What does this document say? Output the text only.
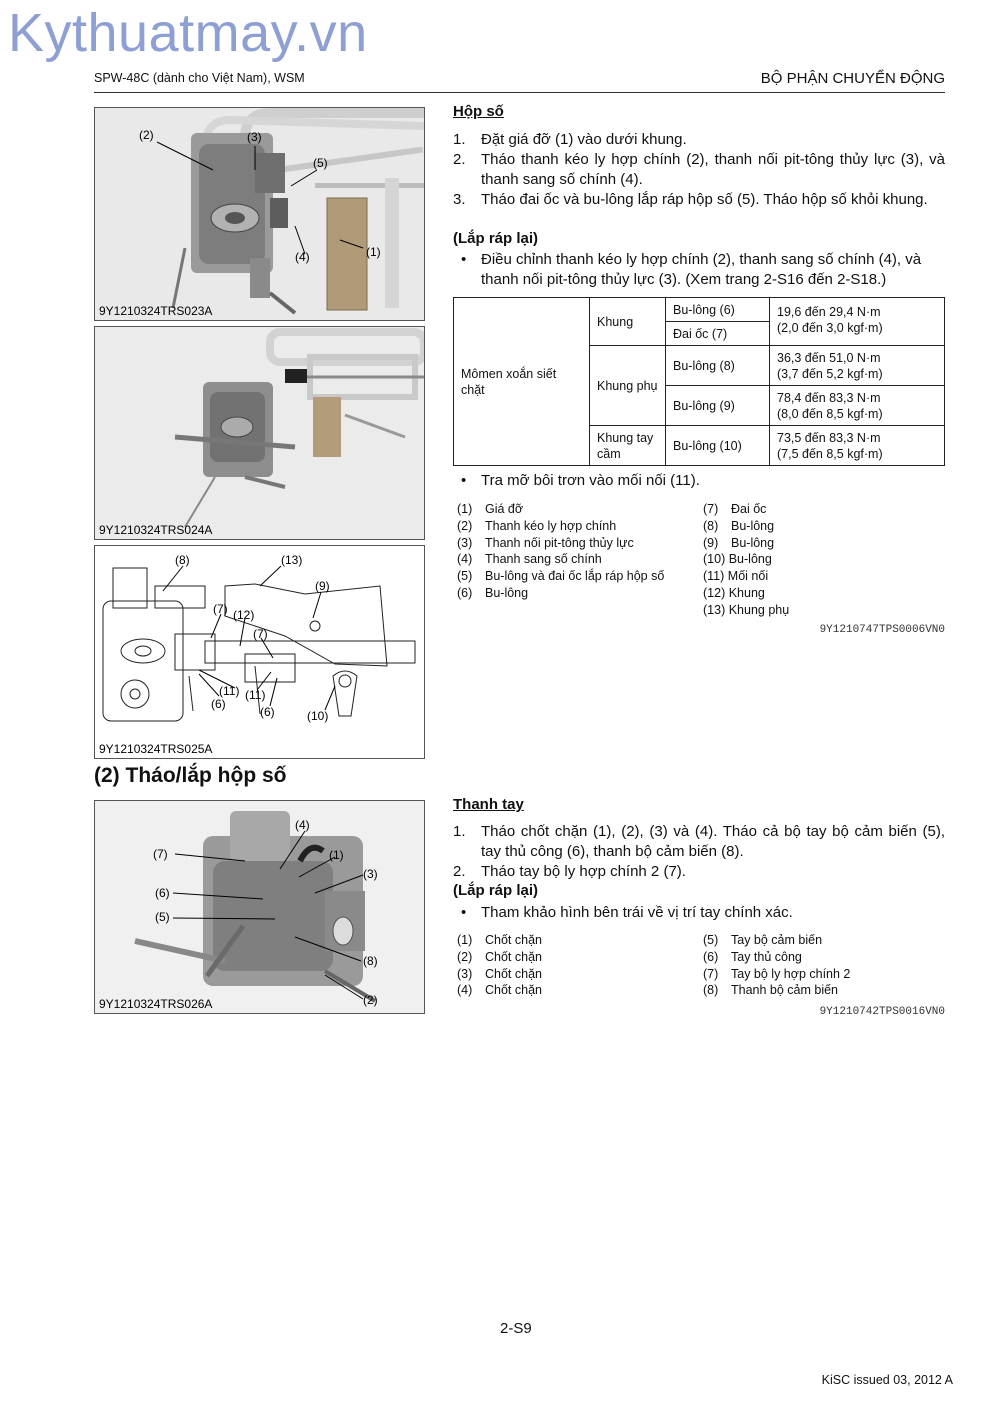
Kythuatmay.vn
SPW-48C (dành cho Việt Nam), WSM	BỘ PHẬN CHUYỂN ĐỘNG
(2)	(3)
(5)
(4)	(1)
9Y1210324TRS023A
9Y1210324TRS024A
(8)	(13)
(9)
(7) (12)
(7)
(11)
(6)
(11)
(6)	(10)
9Y1210324TRS025A
Hộp số
1.	Đặt giá đỡ (1) vào dưới khung.
2.	Tháo thanh kéo ly hợp chính (2), thanh nối pit-tông thủy lực (3), và thanh sang số chính (4).
3.	Tháo đai ốc và bu-lông lắp ráp hộp số (5). Tháo hộp số khỏi khung.
(Lắp ráp lại)
• Điều chỉnh thanh kéo ly hợp chính (2), thanh sang số chính (4), và thanh nối pit-tông thủy lực (3). (Xem trang 2-S16 đến 2-S18.)
Mômen xoắn siết chặt	Khung	Bu-lông (6)	19,6 đến 29,4 N·m
(2,0 đến 3,0 kgf·m)

		Đai ốc (7)	
	Khung phụ	Bu-lông (8)	36,3 đến 51,0 N·m
(3,7 đến 5,2 kgf·m)

		Bu-lông (9)	78,4 đến 83,3 N·m
(8,0 đến 8,5 kgf·m)

	Khung tay cầm	Bu-lông (10)	73,5 đến 83,3 N·m
(7,5 đến 8,5 kgf·m)
• Tra mỡ bôi trơn vào mối nối (11).
(1)	Giá đỡ
(2)	Thanh kéo ly hợp chính
(3)	Thanh nối pit-tông thủy lực
(4)	Thanh sang số chính
(5)	Bu-lông và đai ốc lắp ráp hộp số
(6)	Bu-lông
(7)	Đai ốc
(8)	Bu-lông
(9)	Bu-lông
(10)
Bu-lông
(11)
Mối nối
(12)
Khung
(13)
Khung phụ
9Y1210747TPS0006VN0
(2) Tháo/lắp hộp số
(4)
(7)	(1)
(3)
(6)
(5)
(8)
(2)
9Y1210324TRS026A
Thanh tay
1.	Tháo chốt chặn (1), (2), (3) và (4). Tháo cả bộ tay bộ cảm biến (5), tay thủ công (6), thanh bộ cảm biến (8).
2.	Tháo tay bộ ly hợp chính 2 (7).
(Lắp ráp lại)
• Tham khảo hình bên trái về vị trí tay chính xác.
(1)	Chốt chặn
(2)	Chốt chặn
(3)	Chốt chặn
(4)	Chốt chặn
(5)	Tay bộ cảm biến
(6)	Tay thủ công
(7)	Tay bộ ly hợp chính 2
(8)	Thanh bộ cảm biến
9Y1210742TPS0016VN0
2-S9
KiSC issued 03, 2012 A
